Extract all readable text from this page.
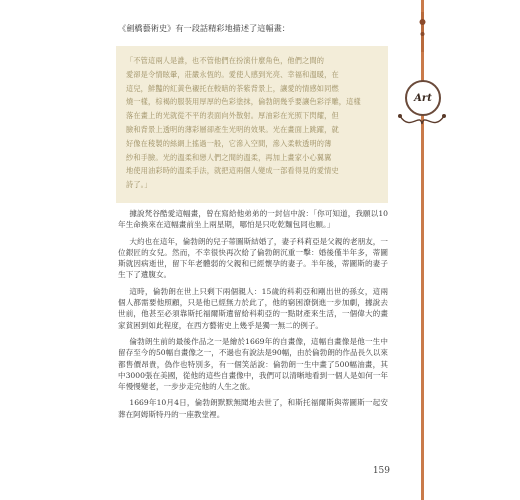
《劍橋藝術史》有一段話精彩地描述了這幅畫：
「不管這兩人是誰，也不管他們在扮演什麼角色，他們之間的
愛卻是令情眩暈，莊嚴永恆的。愛使人感到光亮、幸福和溫暖，在
這兒，鮮豔的紅黃色襯托在較暗的茶紫背景上，讓愛的情感如同燃
燒一樣，棕褐的服裝用厚厚的色彩塗抹，倫勃朗幾乎要讓色彩浮雕，這樣
落在畫上的光就從不平的表面向外散射。厚油彩在光照下閃耀，但
臉和背景上透明的薄彩層卻產生光明的效果。光在畫面上跳躍，就
好像在稜製的絲網上搖過一般，它滲入空間，滲入柔軟透明的薄
紗和手臉。光的溫柔和戀人們之間的溫柔，再加上畫家小心翼翼
地使用油彩時的溫柔手法，就把這兩個人變成一部看得見的愛情史
詩了。」

據說梵谷酷愛這幅畫，曾在寫給他弟弟的一封信中說：「你可知道，我願以10年生命換來在這幅畫前坐上兩星期，哪怕是只吃乾麵包同也願。」

大約也在這年，倫勃朗的兒子蒂圖斯結婚了，妻子科莉亞是父親的老朋友，一位銀匠的女兒。然而，不幸很快再次給了倫勃朗沉重一擊：婚後僅半年多，蒂圖斯就因病逝世，留下年老體弱的父親和已經懷孕的妻子。半年後，蒂圖斯的妻子生下了遺腹女。

這時，倫勃朗在世上只剩下兩個親人：15歲的科莉亞和剛出世的孫女，這兩個人都需要他照顧，只是他已經無力於此了，他的窮困潦倒進一步加劇，據說去世前，他甚至必須靠斯托福爾斯遺留給科莉亞的一點財產來生活，一個偉大的畫家貧困到如此程度，在西方藝術史上幾乎是獨一無二的例子。

倫勃朗生前的最後作品之一是繪於1669年的自畫像，這幅自畫像是他一生中留存至今的50幅自畫像之一，不過也有說法是90幅，由於倫勃朗的作品長久以來都售價昂貴，偽作也特別多，有一個笑話說：倫勃朗一生中畫了500幅油畫，其中3000張在美國，從他的這些自畫像中，我們可以清晰地看到一個人是如何一年年慢慢變老，一步步走完他的人生之旅。

1669年10月4日，倫勃朗默默無聞地去世了，和斯托福爾斯與蒂圖斯一起安葬在阿姆斯特丹的一座教堂裡。

159
Art
